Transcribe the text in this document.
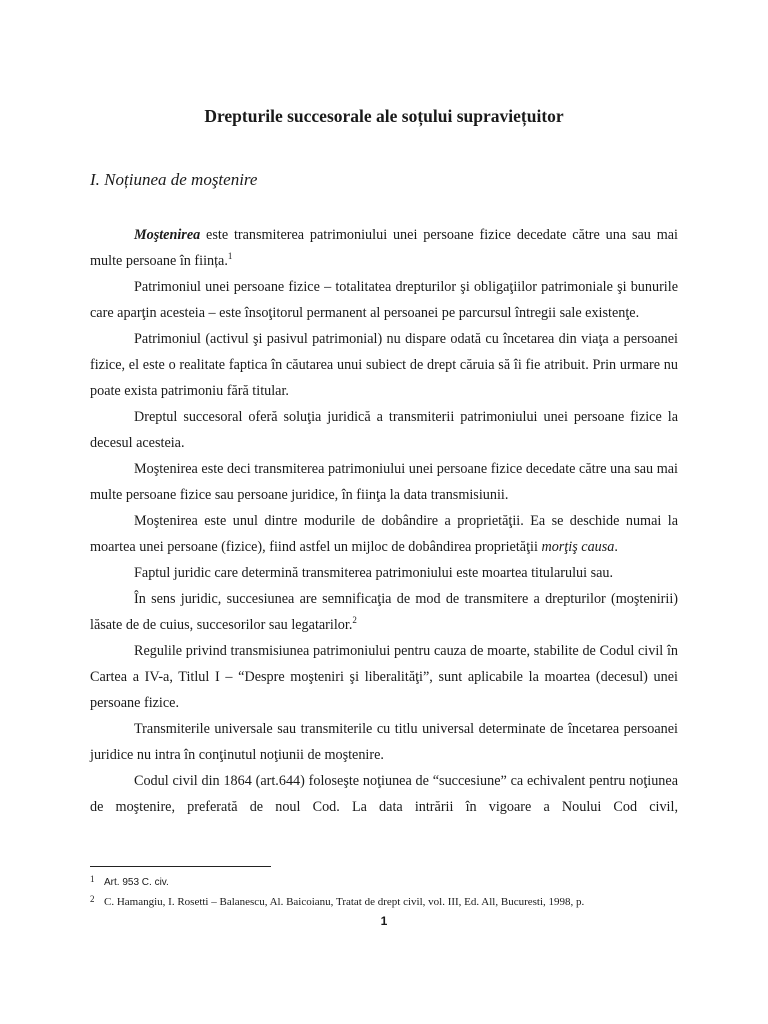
Drepturile succesorale ale soțului supraviețuitor
I. Noțiunea de moştenire

Moştenirea este transmiterea patrimoniului unei persoane fizice decedate către una sau mai multe persoane în ființa.$^1$

Patrimoniul unei persoane fizice – totalitatea drepturilor şi obligaţiilor patrimoniale şi bunurile care aparţin acesteia – este însoţitorul permanent al persoanei pe parcursul întregii sale existenţe.

Patrimoniul (activul şi pasivul patrimonial) nu dispare odată cu încetarea din viaţa a persoanei fizice, el este o realitate faptica în căutarea unui subiect de drept căruia să îi fie atribuit. Prin urmare nu poate exista patrimoniu fără titular.

Dreptul succesoral oferă soluţia juridică a transmiterii patrimoniului unei persoane fizice la decesul acesteia.

Moştenirea este deci transmiterea patrimoniului unei persoane fizice decedate către una sau mai multe persoane fizice sau persoane juridice, în fiinţa la data transmisiunii.

Moştenirea este unul dintre modurile de dobândire a proprietăţii. Ea se deschide numai la moartea unei persoane (fizice), fiind astfel un mijloc de dobândirea proprietăţii morţiş causa.

Faptul juridic care determină transmiterea patrimoniului este moartea titularului sau.

În sens juridic, succesiunea are semnificaţia de mod de transmitere a drepturilor (moştenirii) lăsate de de cuius, succesorilor sau legatarilor.$^2$

Regulile privind transmisiunea patrimoniului pentru cauza de moarte, stabilite de Codul civil în Cartea a IV-a, Titlul I – “Despre moşteniri şi liberalităţi”, sunt aplicabile la moartea (decesul) unei persoane fizice.

Transmiterile universale sau transmiterile cu titlu universal determinate de încetarea persoanei juridice nu intra în conţinutul noţiunii de moştenire.

Codul civil din 1864 (art.644) foloseşte noţiunea de “succesiune” ca echivalent pentru noţiunea de moştenire, preferată de noul Cod. La data intrării în vigoare a Noului Cod civil,

1 Art. 953 C. civ.
2 C. Hamangiu, I. Rosetti – Balanescu, Al. Baicoianu, Tratat de drept civil, vol. III, Ed. All, Bucuresti, 1998, p.
1
